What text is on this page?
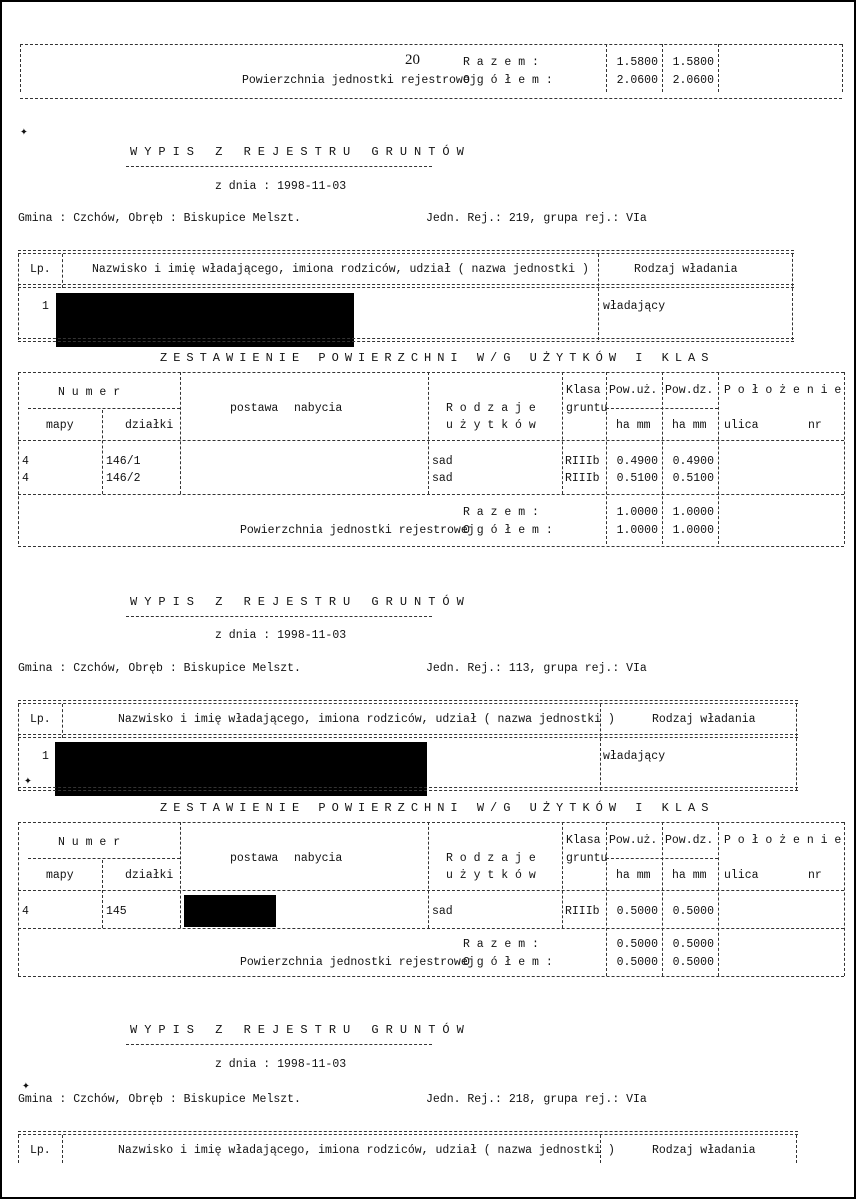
20	R a z e m :
Powierzchnia jednostki rejestrowej
O g ó ł e m :
1.5800	1.5800
2.0600	2.0600
✦
WYPIS Z REJESTRU GRUNTÓW
z dnia : 1998-11-03
Gmina : Czchów, Obręb : Biskupice Melszt.	Jedn. Rej.: 219, grupa rej.: VIa
Lp.	Nazwisko i imię władającego, imiona rodziców, udział ( nazwa jednostki )	Rodzaj władania
1	władający
ZESTAWIENIE POWIERZCHNI W/G UŻYTKÓW I KLAS
N u m e r
mapy	działki
postawa nabycia	R o d z a j e
u ż y t k ó w
Klasa
gruntu
Pow.uż. Pow.dz.
ha mm ha mm
P o ł o ż e n i e
ulica	nr
4	146/1	sad	RIIIb	0.4900	0.4900
4	146/2	sad	RIIIb	0.5100	0.5100
R a z e m :
Powierzchnia jednostki rejestrowej
O g ó ł e m :
1.0000	1.0000
1.0000	1.0000
WYPIS Z REJESTRU GRUNTÓW
z dnia : 1998-11-03
Gmina : Czchów, Obręb : Biskupice Melszt.	Jedn. Rej.: 113, grupa rej.: VIa
Lp.	Nazwisko i imię władającego, imiona rodziców, udział ( nazwa jednostki )	Rodzaj władania
1	władający
✦
ZESTAWIENIE POWIERZCHNI W/G UŻYTKÓW I KLAS
N u m e r
mapy	działki
postawa nabycia	R o d z a j e
u ż y t k ó w
Klasa
gruntu
Pow.uż. Pow.dz.
ha mm ha mm
P o ł o ż e n i e
ulica	nr
4	145	sad	RIIIb	0.5000	0.5000
R a z e m :
Powierzchnia jednostki rejestrowej
O g ó ł e m :
0.5000	0.5000
0.5000	0.5000
WYPIS Z REJESTRU GRUNTÓW
z dnia : 1998-11-03
✦
Gmina : Czchów, Obręb : Biskupice Melszt.	Jedn. Rej.: 218, grupa rej.: VIa
Lp.	Nazwisko i imię władającego, imiona rodziców, udział ( nazwa jednostki )	Rodzaj władania
